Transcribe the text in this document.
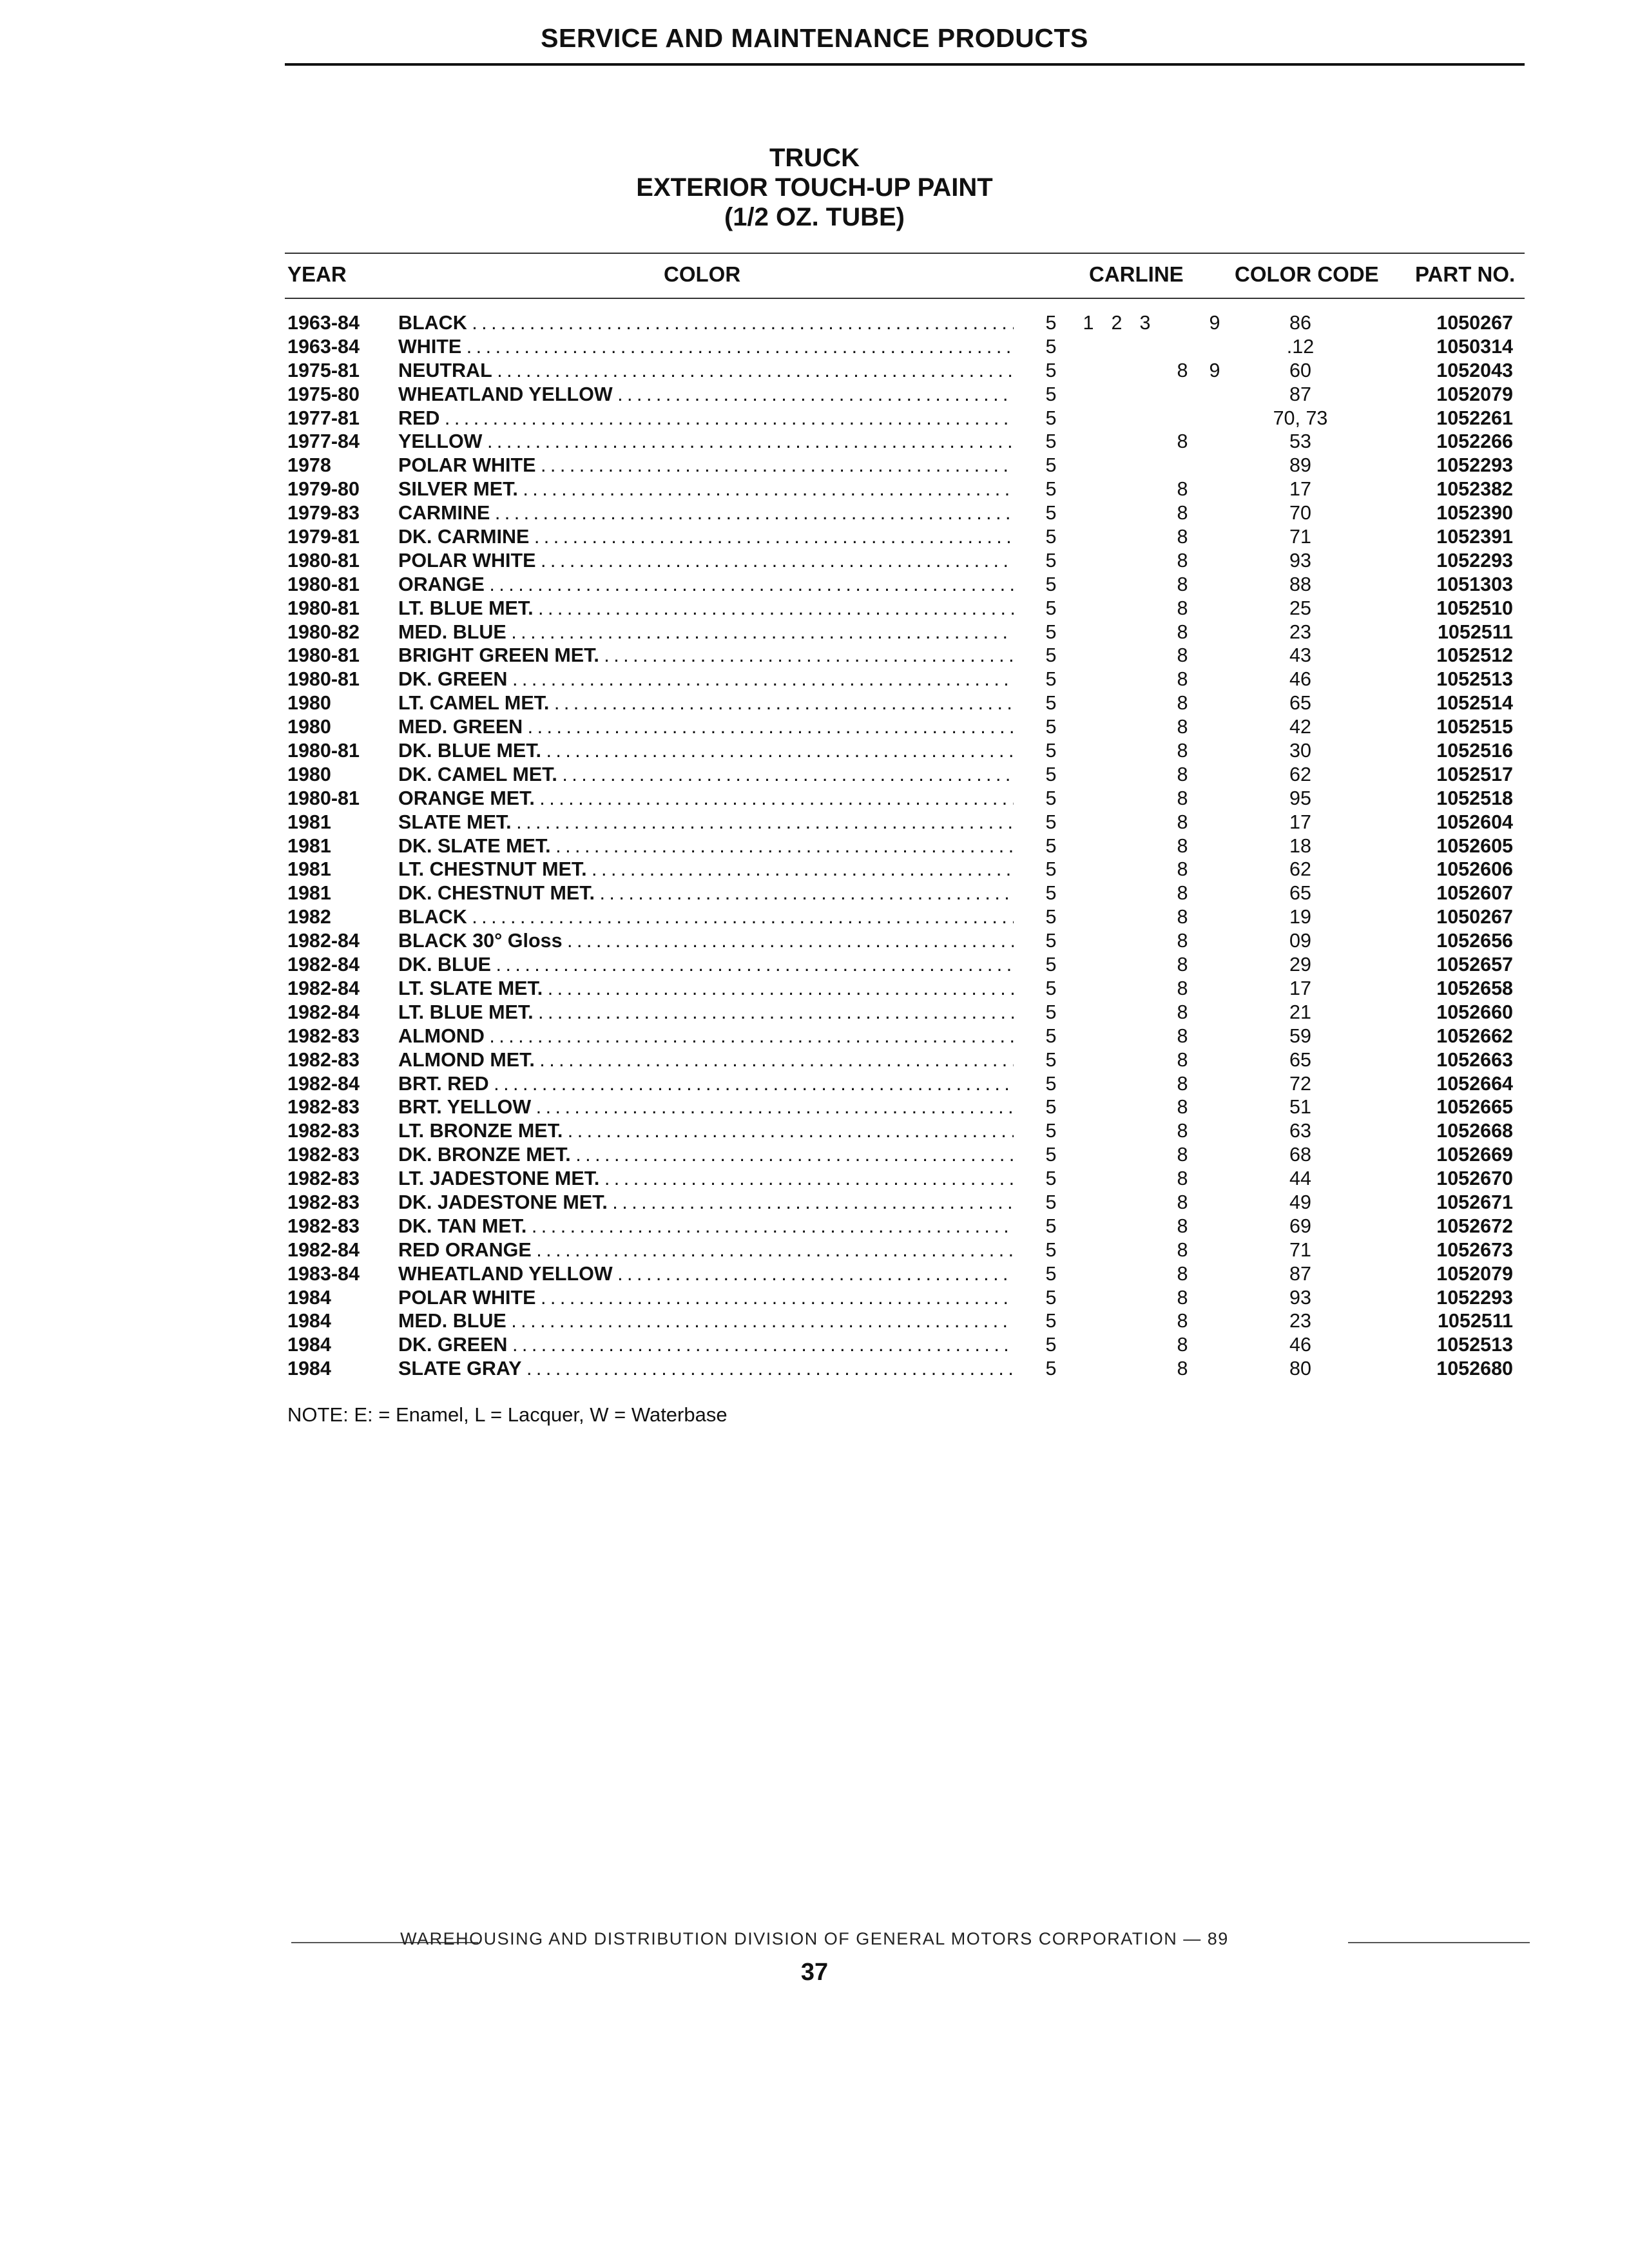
SERVICE AND MAINTENANCE PRODUCTS
TRUCK
EXTERIOR TOUCH-UP PAINT
(1/2 OZ. TUBE)
YEAR	COLOR	CARLINE COLOR CODE PART NO.
1963-84 BLACK . . .	5 1 2 3	9	86	1050267
1963-84 WHITE . . .	5	.12	1050314
1975-81 NEUTRAL . . .	5	8 9	60	1052043
1975-80 WHEATLAND YELLOW . . .	5	87	1052079
1977-81 RED . . .	5	70, 73	1052261
1977-84 YELLOW . . .	5	8	53	1052266
1978	POLAR WHITE . . .	5	89	1052293
1979-80 SILVER MET. . . .	5	8	17	1052382
1979-83 CARMINE . . .	5	8	70	1052390
1979-81 DK. CARMINE . . .	5	8	71	1052391
1980-81 POLAR WHITE . . .	5	8	93	1052293
1980-81 ORANGE . . .	5	8	88	1051303
1980-81 LT. BLUE MET. . . .	5	8	25	1052510
1980-82 MED. BLUE . . .	5	8	23	1052511
1980-81 BRIGHT GREEN MET. . . .	5	8	43	1052512
1980-81 DK. GREEN . . .	5	8	46	1052513
1980	LT. CAMEL MET. . . .	5	8	65	1052514
1980	MED. GREEN . . .	5	8	42	1052515
1980-81 DK. BLUE MET. . . .	5	8	30	1052516
1980	DK. CAMEL MET. . . .	5	8	62	1052517
1980-81 ORANGE MET. . . .	5	8	95	1052518
1981	SLATE MET. . . .	5	8	17	1052604
1981	DK. SLATE MET. . . .	5	8	18	1052605
1981	LT. CHESTNUT MET. . . .	5	8	62	1052606
1981	DK. CHESTNUT MET. . . .	5	8	65	1052607
1982	BLACK . . .	5	8	19	1050267
1982-84 BLACK 30° Gloss . . .	5	8	09	1052656
1982-84 DK. BLUE . . .	5	8	29	1052657
1982-84 LT. SLATE MET. . . .	5	8	17	1052658
1982-84 LT. BLUE MET. . . .	5	8	21	1052660
1982-83 ALMOND . . .	5	8	59	1052662
1982-83 ALMOND MET. . . .	5	8	65	1052663
1982-84 BRT. RED . . .	5	8	72	1052664
1982-83 BRT. YELLOW . . .	5	8	51	1052665
1982-83 LT. BRONZE MET. . . .	5	8	63	1052668
1982-83 DK. BRONZE MET. . . .	5	8	68	1052669
1982-83 LT. JADESTONE MET. . . .	5	8	44	1052670
1982-83 DK. JADESTONE MET. . . .	5	8	49	1052671
1982-83 DK. TAN MET. . . .	5	8	69	1052672
1982-84 RED ORANGE . . .	5	8	71	1052673
1983-84 WHEATLAND YELLOW . . .	5	8	87	1052079
1984	POLAR WHITE . . .	5	8	93	1052293
1984	MED. BLUE . . .	5	8	23	1052511
1984	DK. GREEN . . .	5	8	46	1052513
1984	SLATE GRAY . . .	5	8	80	1052680
NOTE: E: = Enamel, L = Lacquer, W = Waterbase
WAREHOUSING AND DISTRIBUTION DIVISION OF GENERAL MOTORS CORPORATION — 89
37
